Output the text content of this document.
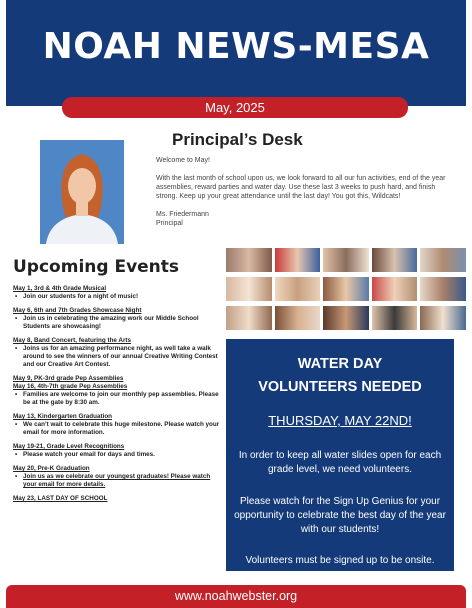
NOAH NEWS-MESA
May, 2025
Principal’s Desk

Welcome to May!

With the last month of school upon us, we look forward to all our fun activities, end of the year assemblies, reward parties and water day. Use these last 3 weeks to push hard, and finish strong. Keep up your great attendance until the last day! You got this, Wildcats!

Ms. Friedermann
Principal

Upcoming Events
May 1, 3rd & 4th Grade Musical
• Join our students for a night of music!
May 6, 6th and 7th Grades Showcase Night
• Join us in celebrating the amazing work our Middle School Students are showcasing!
May 8, Band Concert, featuring the Arts
• Joins us for an amazing performance night, as well take a walk around to see the winners of our annual Creative Writing Contest and our Creative Art Contest.
May 9, PK-3rd grade Pep Assemblies
May 16, 4th-7th grade Pep Assemblies
• Families are welcome to join our monthly pep assemblies. Please be at the gate by 8:30 am.
May 13, Kindergarten Graduation
• We can’t wait to celebrate this huge milestone. Please watch your email for more information.
May 19-21, Grade Level Recognitions
• Please watch your email for days and times.
May 20, Pre-K Graduation
• Join us as we celebrate our youngest graduates! Please watch your email for more details.
May 23, LAST DAY OF SCHOOL
WATER DAY
VOLUNTEERS NEEDED
THURSDAY, MAY 22ND!
In order to keep all water slides open for each grade level, we need volunteers.
Please watch for the Sign Up Genius for your opportunity to celebrate the best day of the year with our students!
Volunteers must be signed up to be onsite.
www.noahwebster.org
